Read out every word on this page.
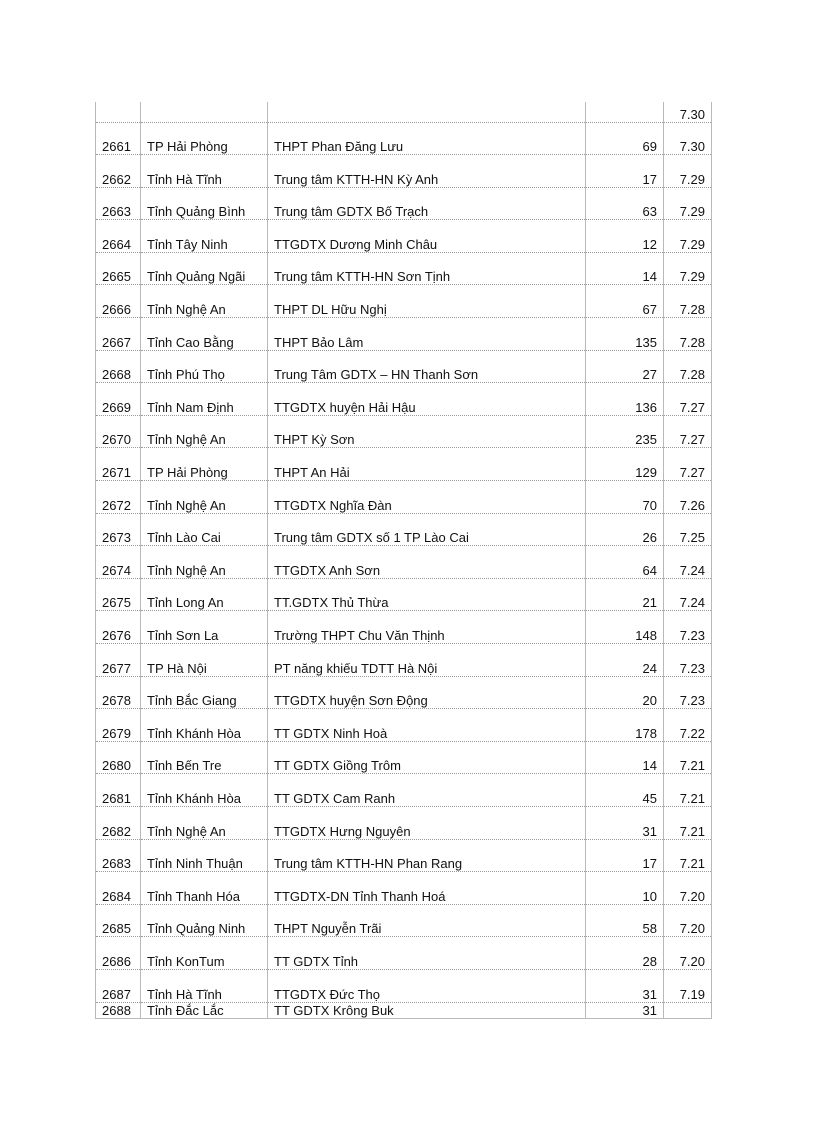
				7.30
2661	TP Hải Phòng	THPT Phan Đăng Lưu	69	7.30
2662	Tỉnh Hà Tĩnh	Trung tâm KTTH-HN Kỳ Anh	17	7.29
2663	Tỉnh Quảng Bình	Trung tâm GDTX Bố Trạch	63	7.29
2664	Tỉnh Tây Ninh	TTGDTX Dương Minh Châu	12	7.29
2665	Tỉnh Quảng Ngãi	Trung tâm KTTH-HN Sơn Tịnh	14	7.29
2666	Tỉnh Nghệ An	THPT DL Hữu Nghị	67	7.28
2667	Tỉnh Cao Bằng	THPT Bảo Lâm	135	7.28
2668	Tỉnh Phú Thọ	Trung Tâm GDTX – HN Thanh Sơn	27	7.28
2669	Tỉnh Nam Định	TTGDTX huyện Hải Hậu	136	7.27
2670	Tỉnh Nghệ An	THPT Kỳ Sơn	235	7.27
2671	TP Hải Phòng	THPT An Hải	129	7.27
2672	Tỉnh Nghệ An	TTGDTX Nghĩa Đàn	70	7.26
2673	Tỉnh Lào Cai	Trung tâm GDTX số 1 TP Lào Cai	26	7.25
2674	Tỉnh Nghệ An	TTGDTX Anh Sơn	64	7.24
2675	Tỉnh Long An	TT.GDTX Thủ Thừa	21	7.24
2676	Tỉnh Sơn La	Trường THPT Chu Văn Thịnh	148	7.23
2677	TP Hà Nội	PT năng khiếu TDTT Hà Nội	24	7.23
2678	Tỉnh Bắc Giang	TTGDTX huyện Sơn Động	20	7.23
2679	Tỉnh Khánh Hòa	TT GDTX Ninh Hoà	178	7.22
2680	Tỉnh Bến Tre	TT GDTX Giồng Trôm	14	7.21
2681	Tỉnh Khánh Hòa	TT GDTX Cam Ranh	45	7.21
2682	Tỉnh Nghệ An	TTGDTX Hưng Nguyên	31	7.21
2683	Tỉnh Ninh Thuận	Trung tâm KTTH-HN Phan Rang	17	7.21
2684	Tỉnh Thanh Hóa	TTGDTX-DN Tỉnh Thanh Hoá	10	7.20
2685	Tỉnh Quảng Ninh	THPT Nguyễn Trãi	58	7.20
2686	Tỉnh KonTum	TT GDTX Tỉnh	28	7.20
2687	Tỉnh Hà Tĩnh	TTGDTX Đức Thọ	31	7.19
2688	Tỉnh Đắc Lắc	TT GDTX Krông Buk	31	
